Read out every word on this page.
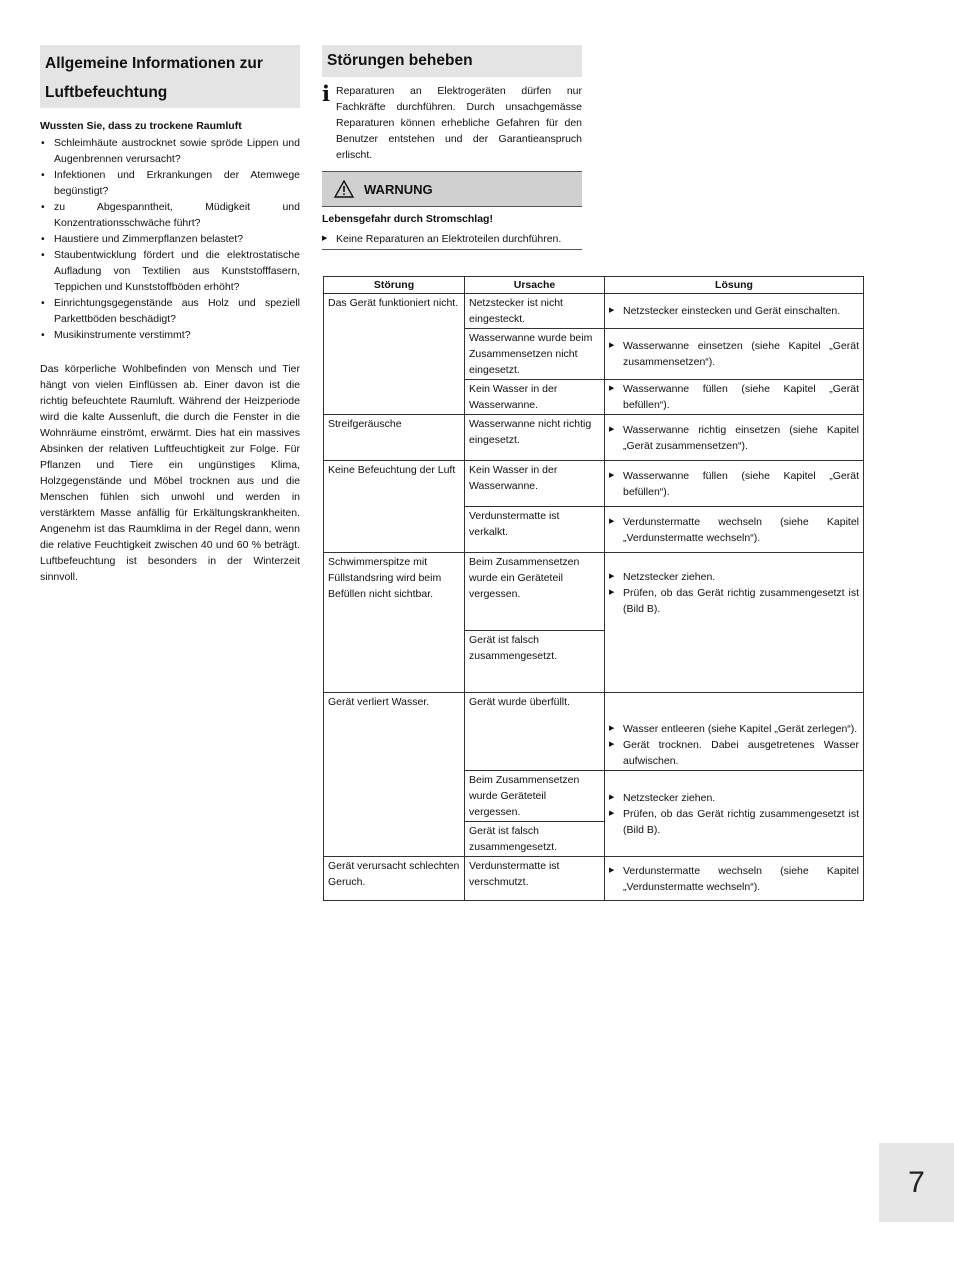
Allgemeine Informationen zur
Luftbefeuchtung
Wussten Sie, dass zu trockene Raumluft
• Schleimhäute austrocknet sowie spröde Lippen und Augenbrennen verursacht?
• Infektionen und Erkrankungen der Atemwege begünstigt?
• zu Abgespanntheit, Müdigkeit und Konzentrationsschwäche führt?
• Haustiere und Zimmerpflanzen belastet?
• Staubentwicklung fördert und die elektrostatische Aufladung von Textilien aus Kunststofffasern, Teppichen und Kunststoffböden erhöht?
• Einrichtungsgegenstände aus Holz und speziell Parkettböden beschädigt?
• Musikinstrumente verstimmt?
Das körperliche Wohlbefinden von Mensch und Tier hängt von vielen Einflüssen ab. Einer davon ist die richtig befeuchtete Raumluft. Während der Heizperiode wird die kalte Aussenluft, die durch die Fenster in die Wohnräume einströmt, erwärmt. Dies hat ein massives Absinken der relativen Luftfeuchtigkeit zur Folge. Für Pflanzen und Tiere ein ungünstiges Klima, Holzgegenstände und Möbel trocknen aus und die Menschen fühlen sich unwohl und werden in verstärktem Masse anfällig für Erkältungskrankheiten. Angenehm ist das Raumklima in der Regel dann, wenn die relative Feuchtigkeit zwischen 40 und 60 % beträgt. Luftbefeuchtung ist besonders in der Winterzeit sinnvoll.
Störungen beheben
i Reparaturen an Elektrogeräten dürfen nur Fachkräfte durchführen. Durch unsachgemässe Reparaturen können erhebliche Gefahren für den Benutzer entstehen und der Garantieanspruch erlischt.

WARNUNG
Lebensgefahr durch Stromschlag!
▶ Keine Reparaturen an Elektroteilen durchführen.
Störung	Ursache	Lösung
Das Gerät funktioniert nicht.	Netzstecker ist nicht eingesteckt.	▶ Netzstecker einstecken und Gerät einschalten.

	Wasserwanne wurde beim Zusammensetzen nicht eingesetzt.	▶ Wasserwanne einsetzen (siehe Kapitel „Gerät zusammensetzen“).

	Kein Wasser in der Wasserwanne.	▶ Wasserwanne füllen (siehe Kapitel „Gerät befüllen“).

Streifgeräusche	Wasserwanne nicht richtig eingesetzt.	▶ Wasserwanne richtig einsetzen (siehe Kapitel „Gerät zusammensetzen“).

Keine Befeuchtung der Luft	Kein Wasser in der Wasserwanne.	▶ Wasserwanne füllen (siehe Kapitel „Gerät befüllen“).

	Verdunstermatte ist verkalkt.	▶ Verdunstermatte wechseln (siehe Kapitel „Verdunstermatte wechseln“).

Schwimmerspitze mit Füllstandsring wird beim Befüllen nicht sichtbar.	Beim Zusammensetzen wurde ein Geräteteil vergessen.	▶ Netzstecker ziehen.
▶ Prüfen, ob das Gerät richtig zusammengesetzt ist (Bild B).

	Gerät ist falsch zusammengesetzt.	
Gerät verliert Wasser.	Gerät wurde überfüllt.	▶ Wasser entleeren (siehe Kapitel „Gerät zerlegen“).
▶ Gerät trocknen. Dabei ausgetretenes Wasser aufwischen.

	Beim Zusammensetzen wurde Geräteteil vergessen.	▶ Netzstecker ziehen.
▶ Prüfen, ob das Gerät richtig zusammengesetzt ist (Bild B).

	Gerät ist falsch zusammengesetzt.	
Gerät verursacht schlechten Geruch.	Verdunstermatte ist verschmutzt.	▶ Verdunstermatte wechseln (siehe Kapitel „Verdunstermatte wechseln“).
7
